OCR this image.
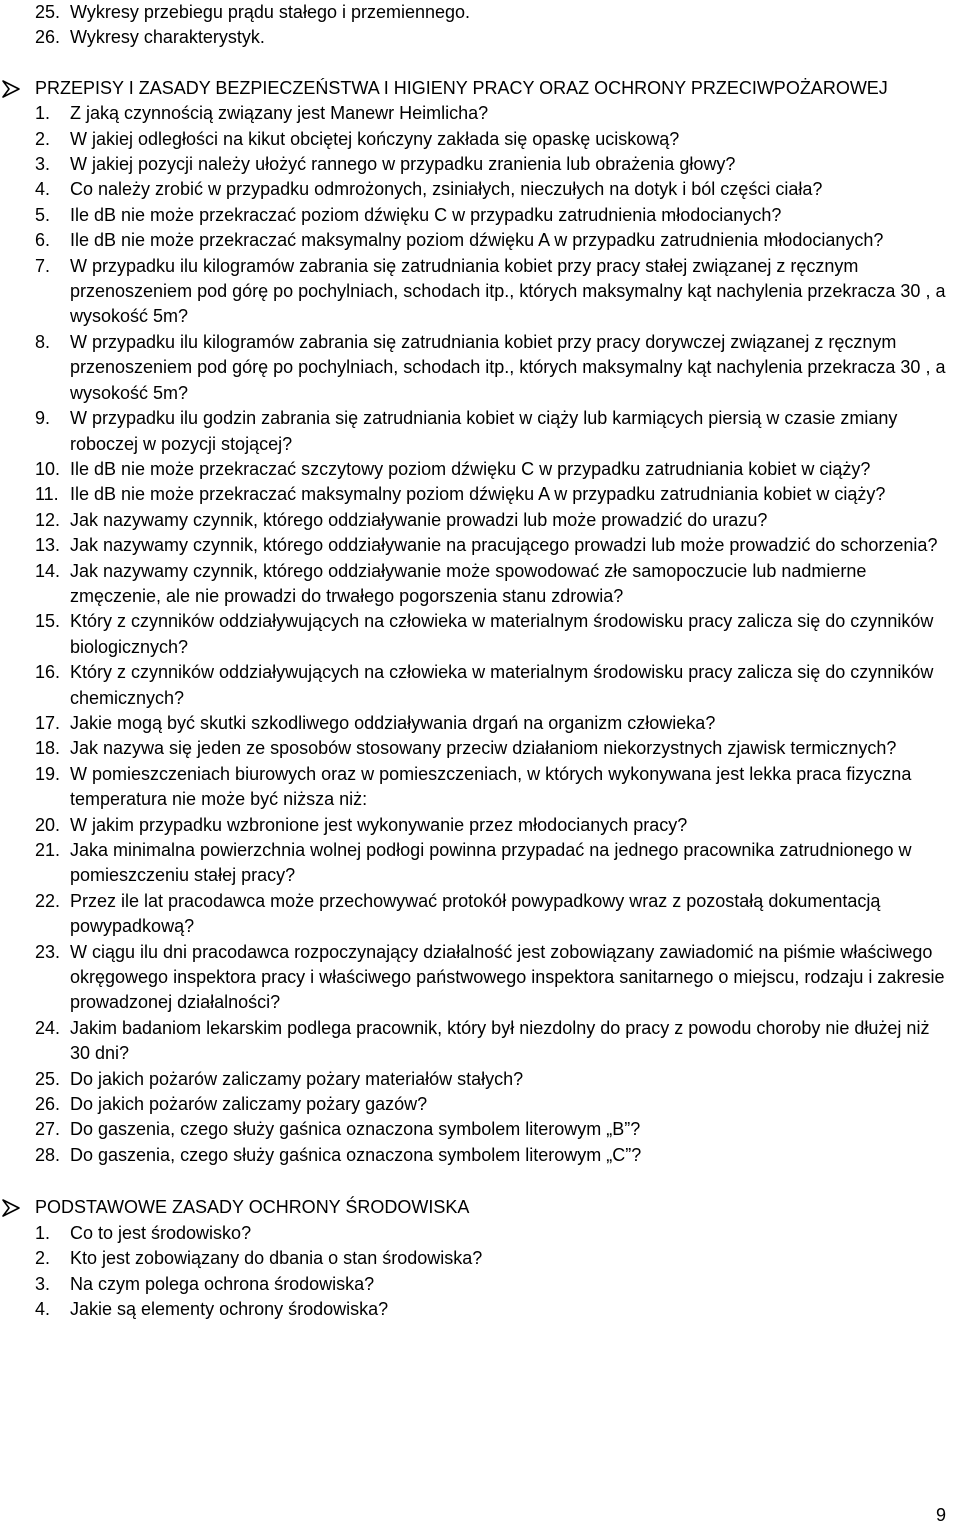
25. Wykresy przebiegu prądu stałego i przemiennego.
26. Wykresy charakterystyk.
PRZEPISY I ZASADY BEZPIECZEŃSTWA I HIGIENY PRACY ORAZ OCHRONY PRZECIWPOŻAROWEJ
1. Z jaką czynnością związany jest Manewr Heimlicha?
2. W jakiej odległości na kikut obciętej kończyny zakłada się opaskę uciskową?
3. W jakiej pozycji należy ułożyć rannego w przypadku zranienia lub obrażenia głowy?
4. Co należy zrobić w przypadku odmrożonych, zsiniałych, nieczułych na dotyk i ból części ciała?
5. Ile dB nie może przekraczać poziom dźwięku C w przypadku zatrudnienia młodocianych?
6. Ile dB nie może przekraczać maksymalny poziom dźwięku A w przypadku zatrudnienia młodocianych?
7. W przypadku ilu kilogramów zabrania się zatrudniania kobiet przy pracy stałej związanej z ręcznym przenoszeniem pod górę po pochylniach, schodach itp., których maksymalny kąt nachylenia przekracza 30 , a wysokość 5m?
8. W przypadku ilu kilogramów zabrania się zatrudniania kobiet przy pracy dorywczej związanej z ręcznym przenoszeniem pod górę po pochylniach, schodach itp., których maksymalny kąt nachylenia przekracza 30 , a wysokość 5m?
9. W przypadku ilu godzin zabrania się zatrudniania kobiet w ciąży lub karmiących piersią w czasie zmiany roboczej w pozycji stojącej?
10. Ile dB nie może przekraczać szczytowy poziom dźwięku C w przypadku zatrudniania kobiet w ciąży?
11. Ile dB nie może przekraczać maksymalny poziom dźwięku A w przypadku zatrudniania kobiet w ciąży?
12. Jak nazywamy czynnik, którego oddziaływanie prowadzi lub może prowadzić do urazu?
13. Jak nazywamy czynnik, którego oddziaływanie na pracującego prowadzi lub może prowadzić do schorzenia?
14. Jak nazywamy czynnik, którego oddziaływanie może spowodować złe samopoczucie lub nadmierne zmęczenie, ale nie prowadzi do trwałego pogorszenia stanu zdrowia?
15. Który z czynników oddziaływujących na człowieka w materialnym środowisku pracy zalicza się do czynników biologicznych?
16. Który z czynników oddziaływujących na człowieka w materialnym środowisku pracy zalicza się do czynników chemicznych?
17. Jakie mogą być skutki szkodliwego oddziaływania drgań na organizm człowieka?
18. Jak nazywa się jeden ze sposobów stosowany przeciw działaniom niekorzystnych zjawisk termicznych?
19. W pomieszczeniach biurowych oraz w pomieszczeniach, w których wykonywana jest lekka praca fizyczna temperatura nie może być niższa niż:
20. W jakim przypadku wzbronione jest wykonywanie przez młodocianych pracy?
21. Jaka minimalna powierzchnia wolnej podłogi powinna przypadać na jednego pracownika zatrudnionego w pomieszczeniu stałej pracy?
22. Przez ile lat pracodawca może przechowywać protokół powypadkowy wraz z pozostałą dokumentacją powypadkową?
23. W ciągu ilu dni pracodawca rozpoczynający działalność jest zobowiązany zawiadomić na piśmie właściwego okręgowego inspektora pracy i właściwego państwowego inspektora sanitarnego o miejscu, rodzaju i zakresie prowadzonej działalności?
24. Jakim badaniom lekarskim podlega pracownik, który był niezdolny do pracy z powodu choroby nie dłużej niż 30 dni?
25. Do jakich pożarów zaliczamy pożary materiałów stałych?
26. Do jakich pożarów zaliczamy pożary gazów?
27. Do gaszenia, czego służy gaśnica oznaczona symbolem literowym „B”?
28. Do gaszenia, czego służy gaśnica oznaczona symbolem literowym „C”?
PODSTAWOWE ZASADY OCHRONY ŚRODOWISKA
1. Co to jest środowisko?
2. Kto jest zobowiązany do dbania o stan środowiska?
3. Na czym polega ochrona środowiska?
4. Jakie są elementy ochrony środowiska?
9
